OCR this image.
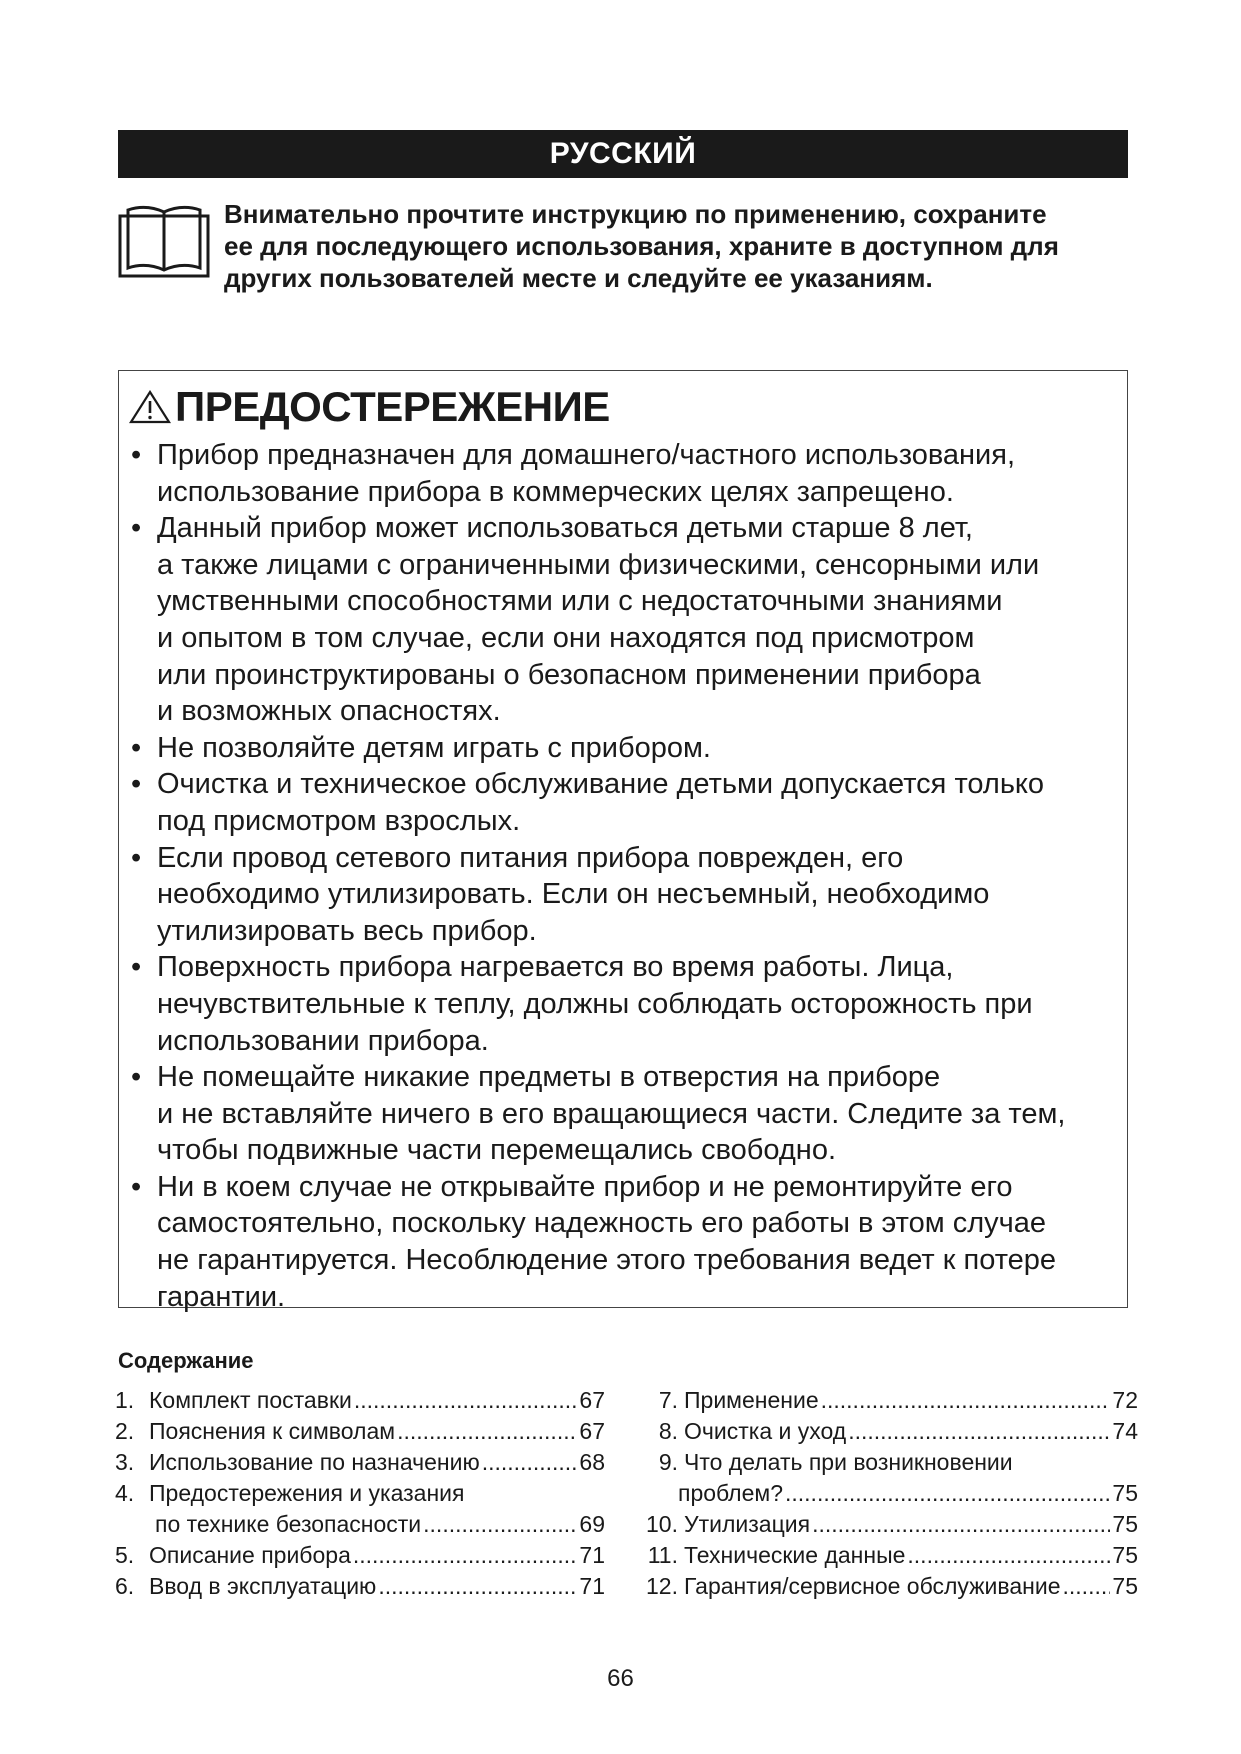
РУССКИЙ
Внимательно прочтите инструкцию по применению, сохраните
ее для последующего использования, храните в доступном для
других пользователей месте и следуйте ее указаниям.
ПРЕДОСТЕРЕЖЕНИЕ
• Прибор предназначен для домашнего/частного использования,
использование прибора в коммерческих целях запрещено.
• Данный прибор может использоваться детьми старше 8 лет,
а также лицами с ограниченными физическими, сенсорными или
умственными способностями или с недостаточными знаниями
и опытом в том случае, если они находятся под присмотром
или проинструктированы о безопасном применении прибора
и возможных опасностях.
• Не позволяйте детям играть с прибором.
• Очистка и техническое обслуживание детьми допускается только
под присмотром взрослых.
• Если провод сетевого питания прибора поврежден, его
необходимо утилизировать. Если он несъемный, необходимо
утилизировать весь прибор.
• Поверхность прибора нагревается во время работы. Лица,
нечувствительные к теплу, должны соблюдать осторожность при
использовании прибора.
• Не помещайте никакие предметы в отверстия на приборе
и не вставляйте ничего в его вращающиеся части. Следите за тем,
чтобы подвижные части перемещались свободно.
• Ни в коем случае не открывайте прибор и не ремонтируйте его
самостоятельно, поскольку надежность его работы в этом случае
не гарантируется. Несоблюдение этого требования ведет к потере
гарантии.
Содержание
1. Комплект поставки .....	67
2. Пояснения к символам .....	67
3. Использование по назначению .....	68
4. Предостережения и указания
по технике безопасности .....	69
5. Описание прибора .....	71
6. Ввод в эксплуатацию .....	71
7. Применение .....	72
8. Очистка и уход .....	74
9. Что делать при возникновении
проблем? .....	75
10. Утилизация .....	75
11. Технические данные .....	75
12. Гарантия/сервисное обслуживание ..... 75
66
